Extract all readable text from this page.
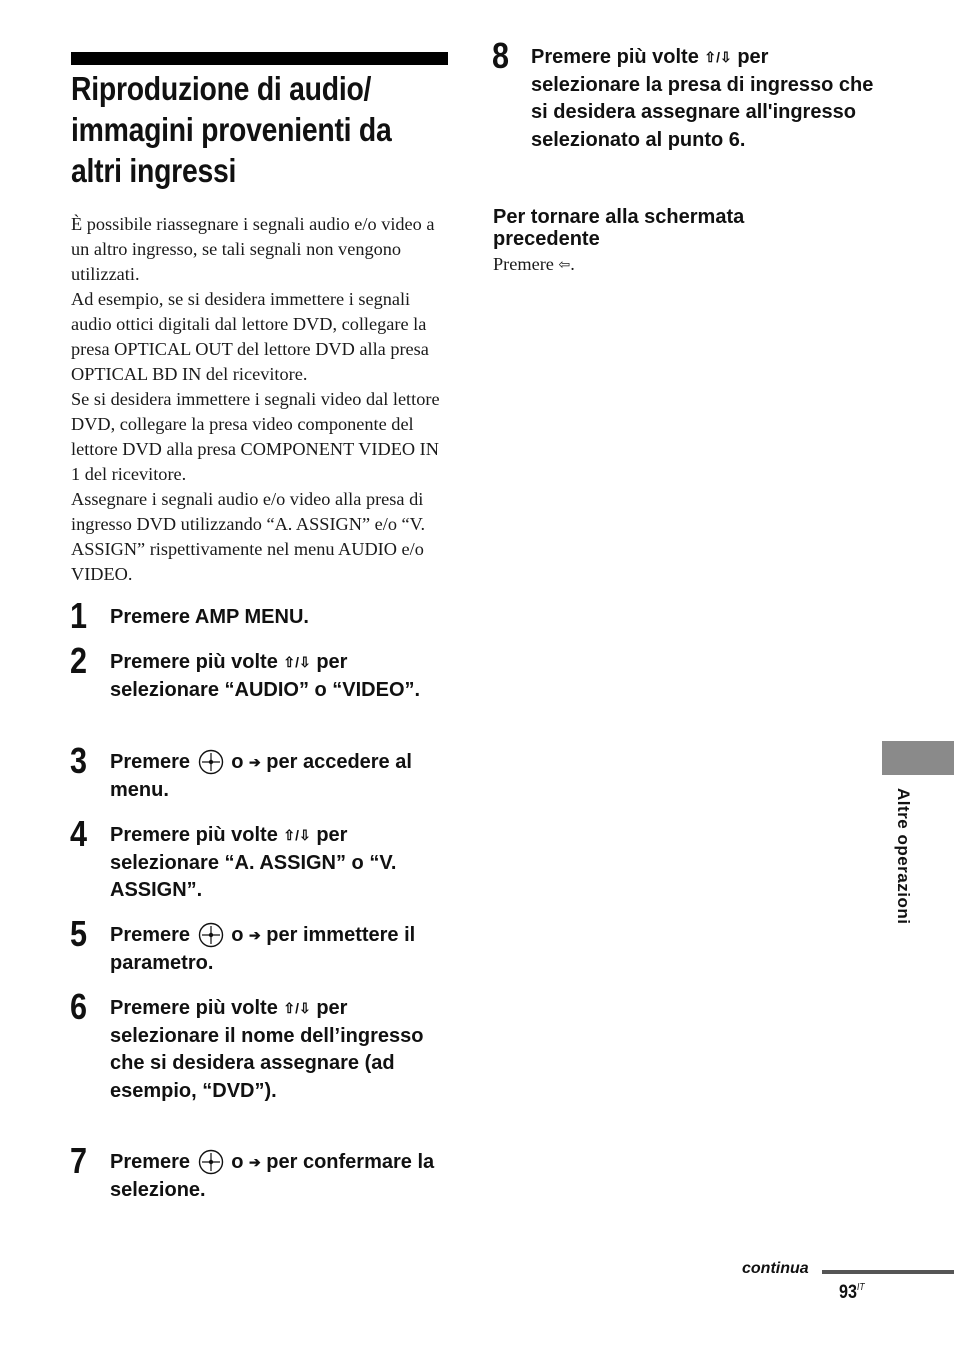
Riproduzione di audio/
immagini provenienti da
altri ingressi

È possibile riassegnare i segnali audio e/o video a un altro ingresso, se tali segnali non vengono utilizzati.

Ad esempio, se si desidera immettere i segnali audio ottici digitali dal lettore DVD, collegare la presa OPTICAL OUT del lettore DVD alla presa OPTICAL BD IN del ricevitore.

Se si desidera immettere i segnali video dal lettore DVD, collegare la presa video componente del lettore DVD alla presa COMPONENT VIDEO IN 1 del ricevitore.

Assegnare i segnali audio e/o video alla presa di ingresso DVD utilizzando “A. ASSIGN” e/o “V. ASSIGN” rispettivamente nel menu AUDIO e/o VIDEO.

1 Premere AMP MENU.
2 Premere più volte ⇧/⇩ per selezionare “AUDIO” o “VIDEO”.
3 Premere o ➔ per accedere al menu.
4 Premere più volte ⇧/⇩ per selezionare “A. ASSIGN” o “V. ASSIGN”.
5 Premere o ➔ per immettere il parametro.
6 Premere più volte ⇧/⇩ per selezionare il nome dell’ingresso che si desidera assegnare (ad esempio, “DVD”).
7 Premere o ➔ per confermare la selezione.
8 Premere più volte ⇧/⇩ per selezionare la presa di ingresso che si desidera assegnare all'ingresso selezionato al punto 6.
Per tornare alla schermata precedente
Premere ⇦.
Altre operazioni
continua
$93^{IT}$
